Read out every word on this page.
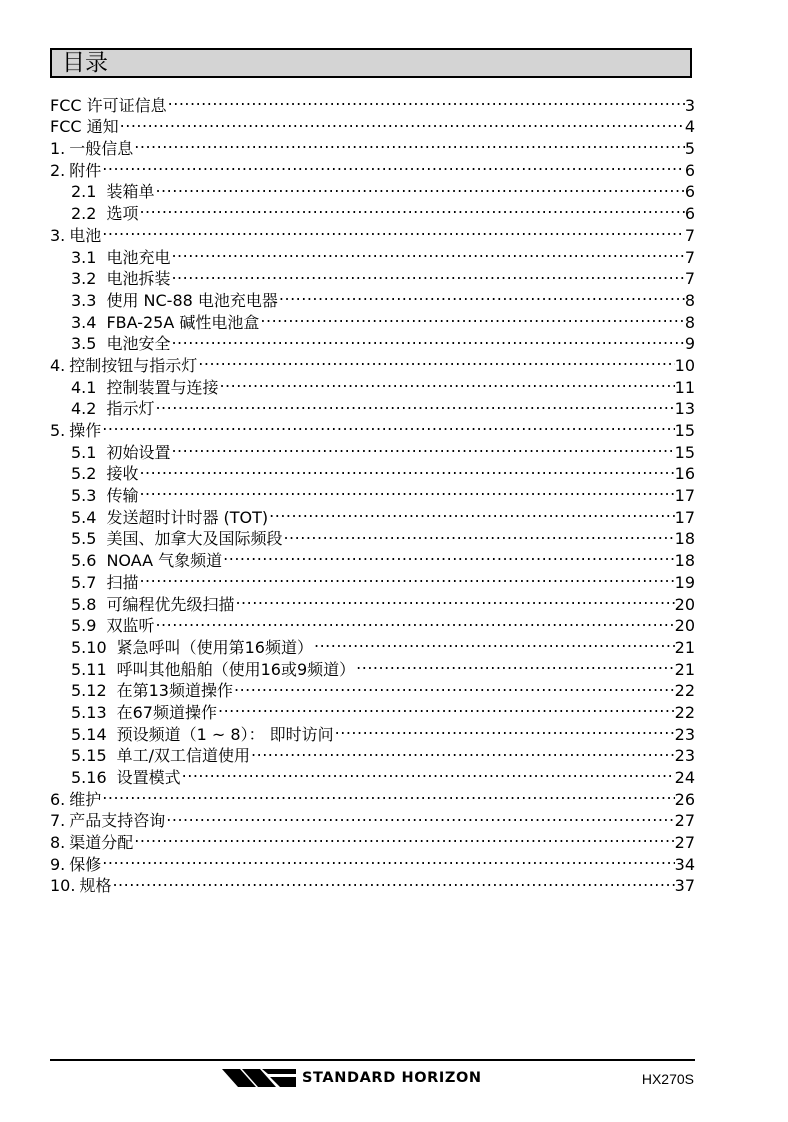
目录
FCC 许可证信息 .....	3
FCC 通知 .....	4
1. 一般信息 .....	5
2. 附件 .....	6
2.1 装箱单 .....	6
2.2 选项 .....	6
3. 电池 .....	7
3.1 电池充电 .....	7
3.2 电池拆装 .....	7
3.3 使用 NC-88 电池充电器 .....	8
3.4 FBA-25A 碱性电池盒 .....	8
3.5 电池安全 .....	9
4. 控制按钮与指示灯 .....	10
4.1 控制装置与连接 .....	11
4.2 指示灯 .....	13
5. 操作 .....	15
5.1 初始设置 .....	15
5.2 接收 .....	16
5.3 传输 .....	17
5.4 发送超时计时器 (TOT) .....	17
5.5 美国、加拿大及国际频段 .....	18
5.6 NOAA 气象频道 .....	18
5.7 扫描 .....	19
5.8 可编程优先级扫描 .....	20
5.9 双监听 .....	20
5.10 紧急呼叫（使用第16频道） .....	21
5.11 呼叫其他船舶（使用16或9频道） .....	21
5.12 在第13频道操作 .....	22
5.13 在67频道操作 .....	22
5.14 预设频道（1 ~ 8）： 即时访问 .....	23
5.15 单工/双工信道使用 .....	23
5.16 设置模式 .....	24
6. 维护 .....	26
7. 产品支持咨询 .....	27
8. 渠道分配 .....	27
9. 保修 .....	34
10. 规格 .....	37
STANDARD HORIZON	HX270S
